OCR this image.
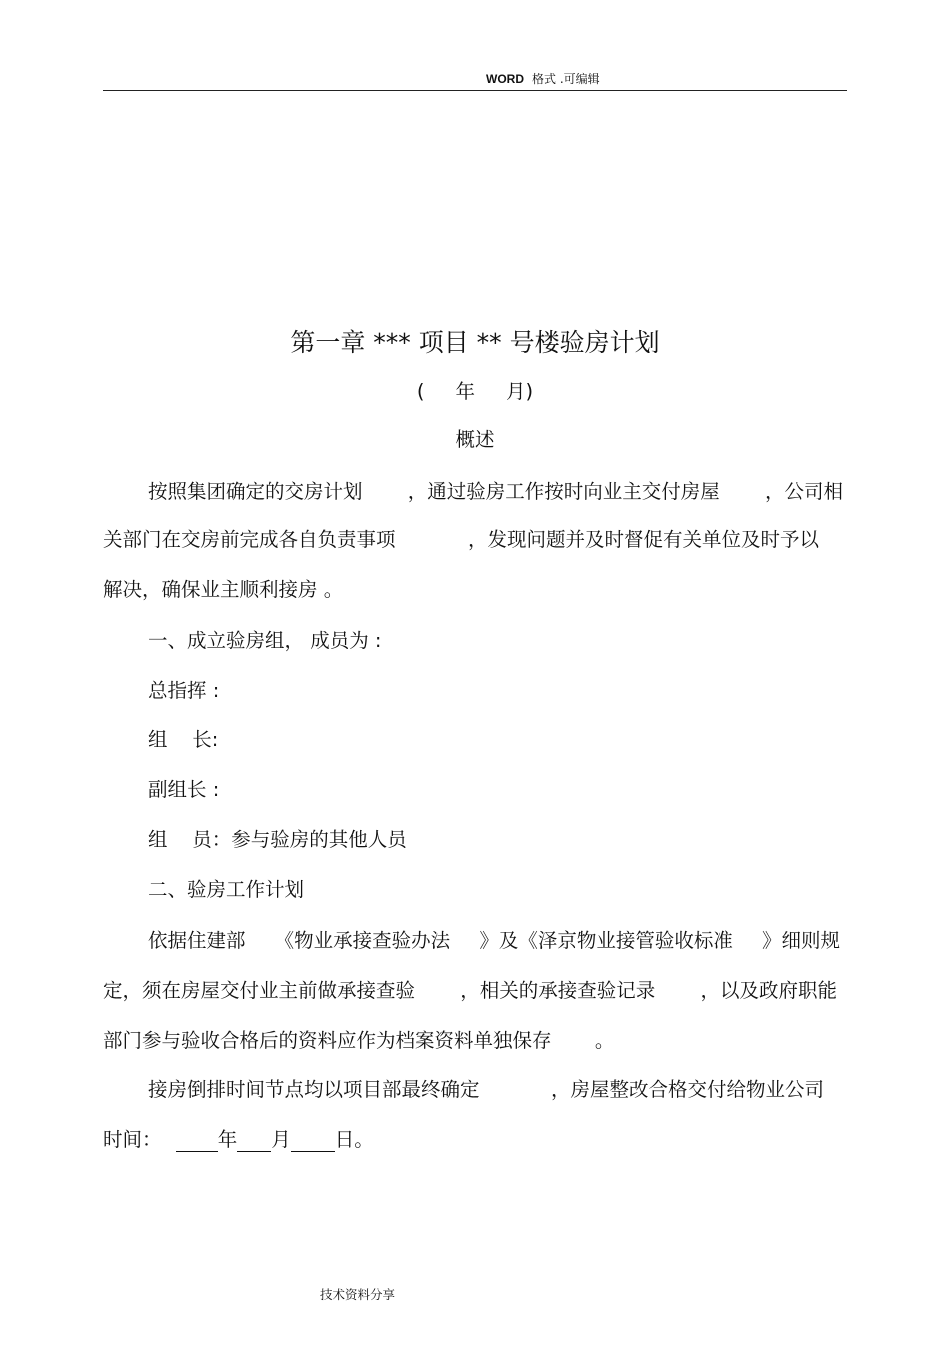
WORD 格式 .可编辑
第一章 *** 项目 ** 号楼验房计划
(     年     月)
概述
按照集团确定的交房计划 ，通过验房工作按时向业主交付房屋 ，公司相
关部门在交房前完成各自负责事项	，发现问题并及时督促有关单位及时予以
解决，确保业主顺利接房 。
一、成立验房组， 成员为 :
总指挥 :
组    长:
副组长 :
组    员：参与验房的其他人员
二、验房工作计划
依据住建部 《物业承接查验办法 》及《泽京物业接管验收标准 》细则规
定，须在房屋交付业主前做承接查验 ，相关的承接查验记录 ，以及政府职能
部门参与验收合格后的资料应作为档案资料单独保存       。
接房倒排时间节点均以项目部最终确定	，房屋整改合格交付给物业公司
时间：	年 月 日。
技术资料分享
